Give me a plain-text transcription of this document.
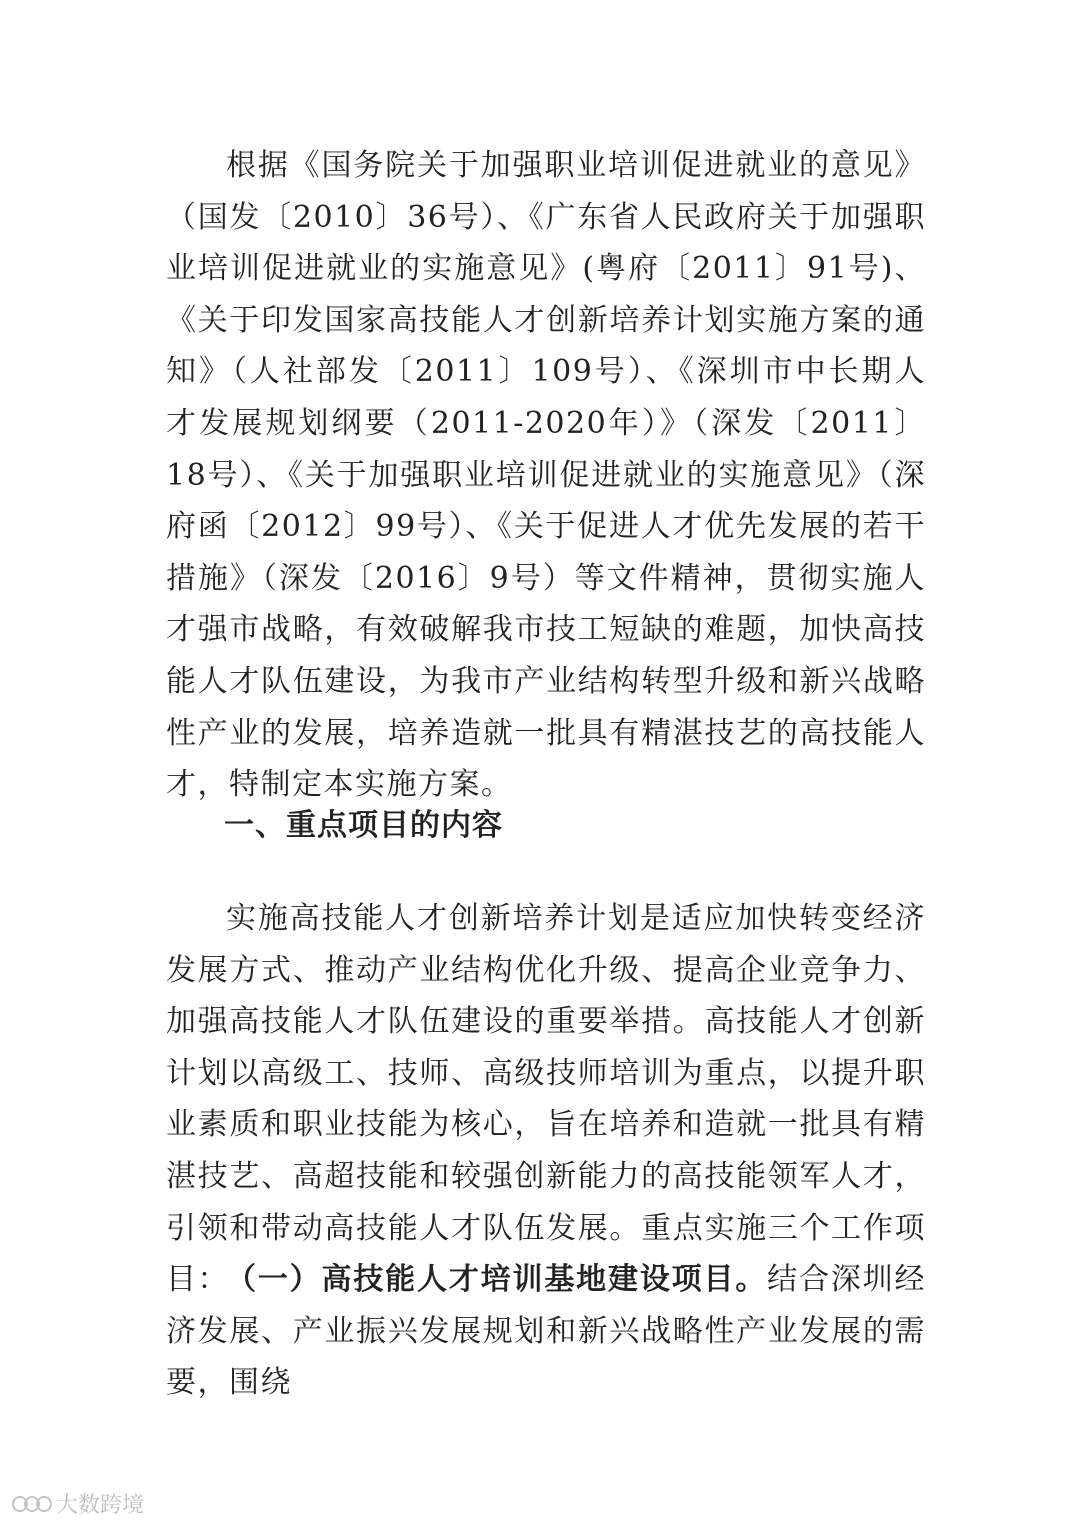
根据《国务院关于加强职业培训促进就业的意见》（国发〔2010〕36号）、《广东省人民政府关于加强职业培训促进就业的实施意见》(粤府〔2011〕91号)、《关于印发国家高技能人才创新培养计划实施方案的通知》（人社部发〔2011〕109号）、《深圳市中长期人才发展规划纲要（2011-2020年）》（深发〔2011〕18号）、《关于加强职业培训促进就业的实施意见》（深府函〔2012〕99号）、《关于促进人才优先发展的若干措施》（深发〔2016〕9号）等文件精神，贯彻实施人才强市战略，有效破解我市技工短缺的难题，加快高技能人才队伍建设，为我市产业结构转型升级和新兴战略性产业的发展，培养造就一批具有精湛技艺的高技能人才，特制定本实施方案。

一、重点项目的内容

实施高技能人才创新培养计划是适应加快转变经济发展方式、推动产业结构优化升级、提高企业竞争力、加强高技能人才队伍建设的重要举措。高技能人才创新计划以高级工、技师、高级技师培训为重点，以提升职业素质和职业技能为核心，旨在培养和造就一批具有精湛技艺、高超技能和较强创新能力的高技能领军人才，引领和带动高技能人才队伍发展。重点实施三个工作项目：

（一）高技能人才培训基地建设项目。结合深圳经济发展、产业振兴发展规划和新兴战略性产业发展的需要，围绕

大数跨境
